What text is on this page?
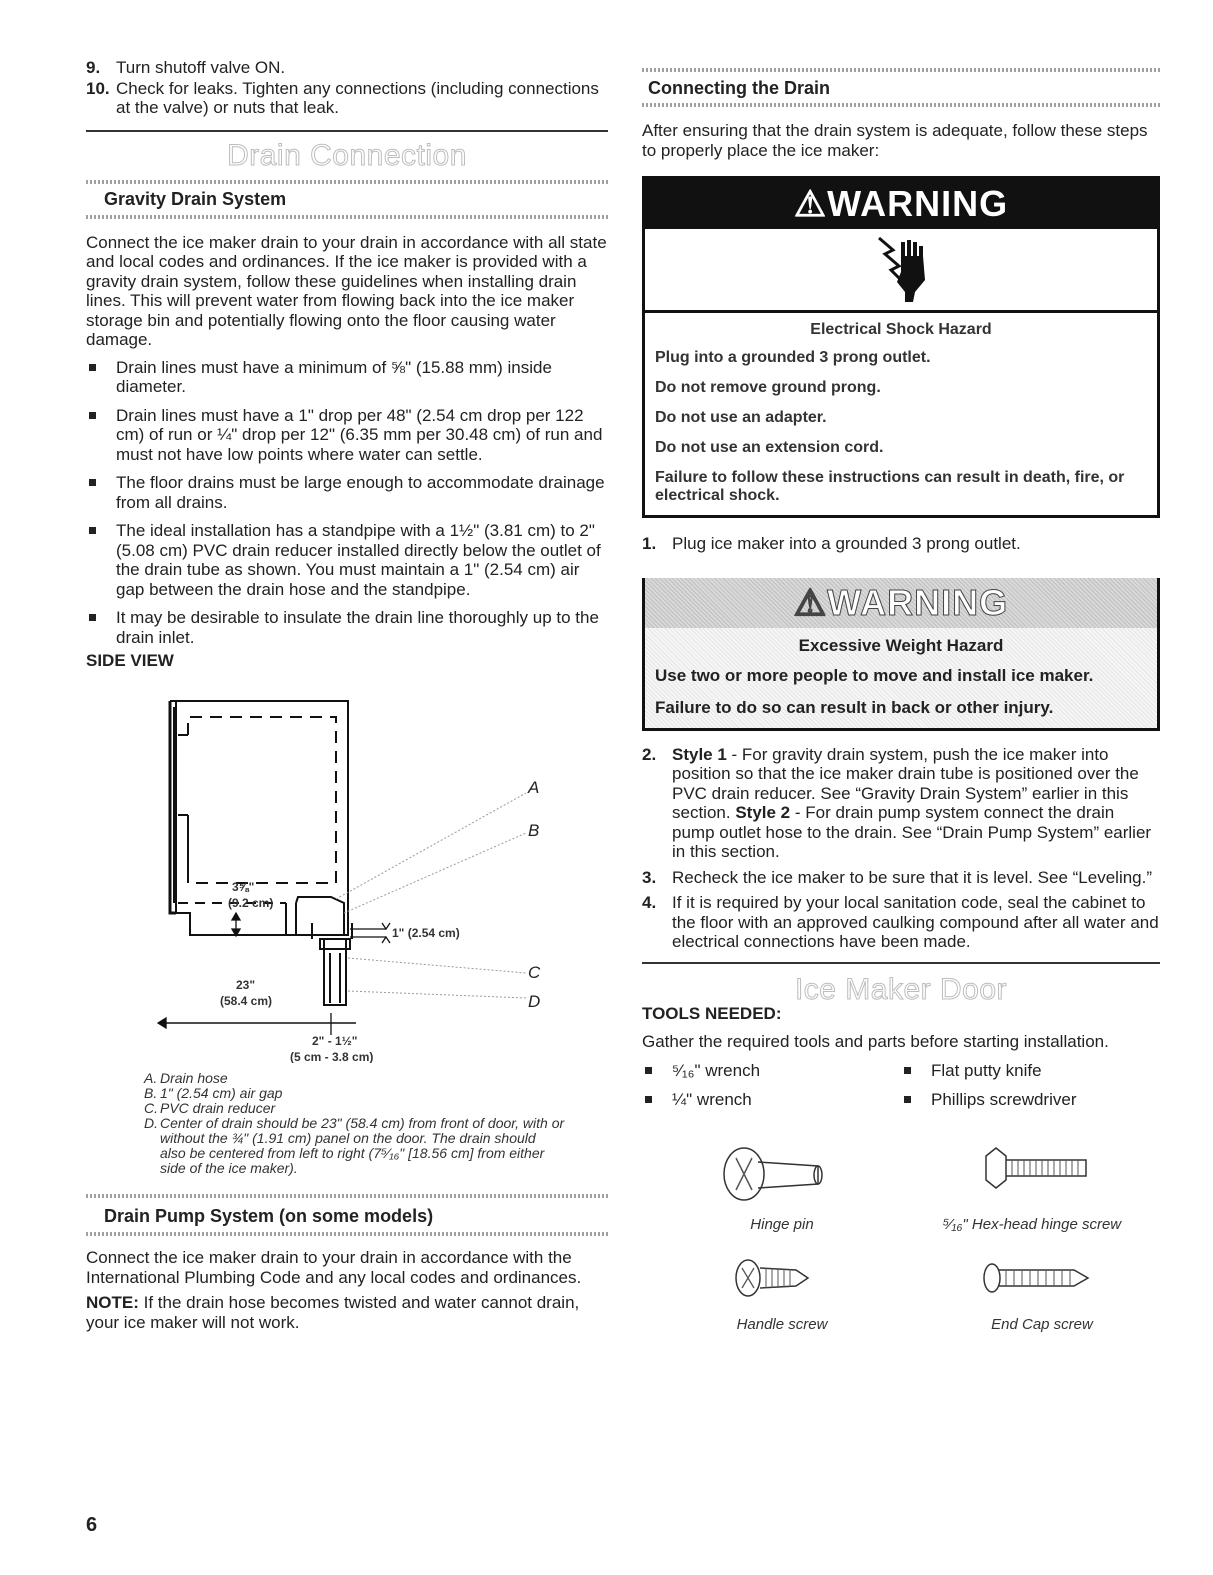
9. Turn shutoff valve ON.
10. Check for leaks. Tighten any connections (including connections at the valve) or nuts that leak.
Drain Connection
Gravity Drain System

Connect the ice maker drain to your drain in accordance with all state and local codes and ordinances. If the ice maker is provided with a gravity drain system, follow these guidelines when installing drain lines. This will prevent water from flowing back into the ice maker storage bin and potentially flowing onto the floor causing water damage.

Drain lines must have a minimum of ⅝" (15.88 mm) inside diameter.
Drain lines must have a 1" drop per 48" (2.54 cm drop per 122 cm) of run or ¼" drop per 12" (6.35 mm per 30.48 cm) of run and must not have low points where water can settle.
The floor drains must be large enough to accommodate drainage from all drains.
The ideal installation has a standpipe with a 1½" (3.81 cm) to 2" (5.08 cm) PVC drain reducer installed directly below the outlet of the drain tube as shown. You must maintain a 1" (2.54 cm) air gap between the drain hose and the standpipe.
It may be desirable to insulate the drain line thoroughly up to the drain inlet.
SIDE VIEW
A
B
C
D
3⅝"
(9.2 cm)
1" (2.54 cm)
23"
(58.4 cm)
2" - 1½"
(5 cm - 3.8 cm)
A. Drain hose
B. 1" (2.54 cm) air gap
C. PVC drain reducer
D. Center of drain should be 23" (58.4 cm) from front of door, with or without the ¾" (1.91 cm) panel on the door. The drain should also be centered from left to right (7⁵⁄₁₆" [18.56 cm] from either side of the ice maker).
Drain Pump System (on some models)

Connect the ice maker drain to your drain in accordance with the International Plumbing Code and any local codes and ordinances.

NOTE: If the drain hose becomes twisted and water cannot drain, your ice maker will not work.

Connecting the Drain

After ensuring that the drain system is adequate, follow these steps to properly place the ice maker:

⚠WARNING
Electrical Shock Hazard
Plug into a grounded 3 prong outlet.
Do not remove ground prong.
Do not use an adapter.
Do not use an extension cord.
Failure to follow these instructions can result in death, fire, or electrical shock.
1. Plug ice maker into a grounded 3 prong outlet.
⚠WARNING
Excessive Weight Hazard
Use two or more people to move and install ice maker.
Failure to do so can result in back or other injury.
2. Style 1 - For gravity drain system, push the ice maker into position so that the ice maker drain tube is positioned over the PVC drain reducer. See “Gravity Drain System” earlier in this section. Style 2 - For drain pump system connect the drain pump outlet hose to the drain. See “Drain Pump System” earlier in this section.
3. Recheck the ice maker to be sure that it is level. See “Leveling.”
4. If it is required by your local sanitation code, seal the cabinet to the floor with an approved caulking compound after all water and electrical connections have been made.
Ice Maker Door
TOOLS NEEDED:

Gather the required tools and parts before starting installation.

⁵⁄₁₆" wrench
¼" wrench
Flat putty knife
Phillips screwdriver
Hinge pin	⁵⁄₁₆" Hex-head hinge screw
Handle screw	End Cap screw
6
